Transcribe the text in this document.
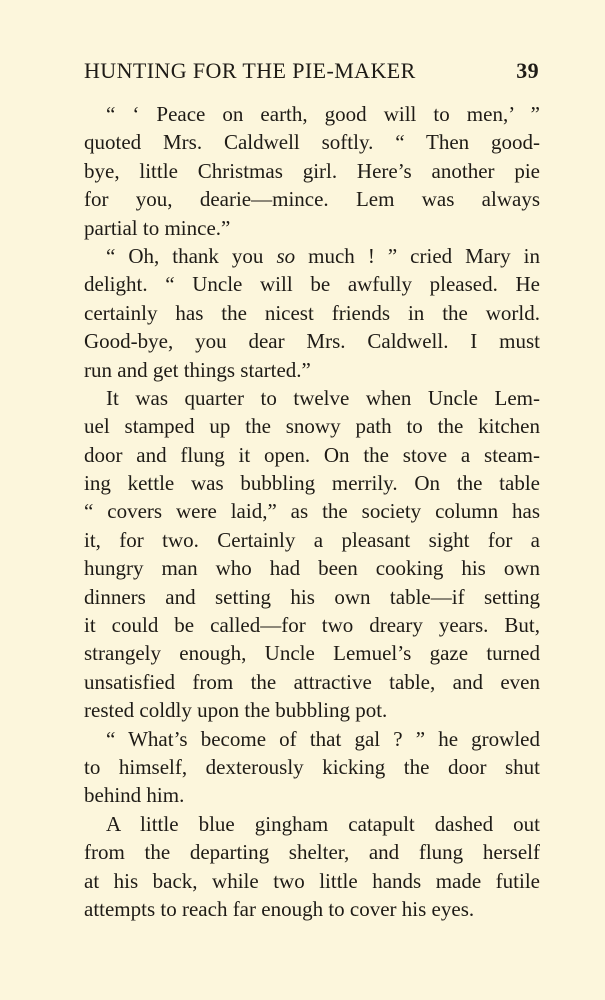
HUNTING FOR THE PIE-MAKER	39
“ ‘ Peace on earth, good will to men,’ ”
quoted Mrs. Caldwell softly. “ Then good-
bye, little Christmas girl. Here’s another pie
for you, dearie—mince. Lem was always
partial to mince.”
“ Oh, thank you so much ! ” cried Mary in
delight. “ Uncle will be awfully pleased. He
certainly has the nicest friends in the world.
Good-bye, you dear Mrs. Caldwell. I must
run and get things started.”
It was quarter to twelve when Uncle Lem-
uel stamped up the snowy path to the kitchen
door and flung it open. On the stove a steam-
ing kettle was bubbling merrily. On the table
“ covers were laid,” as the society column has
it, for two. Certainly a pleasant sight for a
hungry man who had been cooking his own
dinners and setting his own table—if setting
it could be called—for two dreary years. But,
strangely enough, Uncle Lemuel’s gaze turned
unsatisfied from the attractive table, and even
rested coldly upon the bubbling pot.
“ What’s become of that gal ? ” he growled
to himself, dexterously kicking the door shut
behind him.
A little blue gingham catapult dashed out
from the departing shelter, and flung herself
at his back, while two little hands made futile
attempts to reach far enough to cover his eyes.
